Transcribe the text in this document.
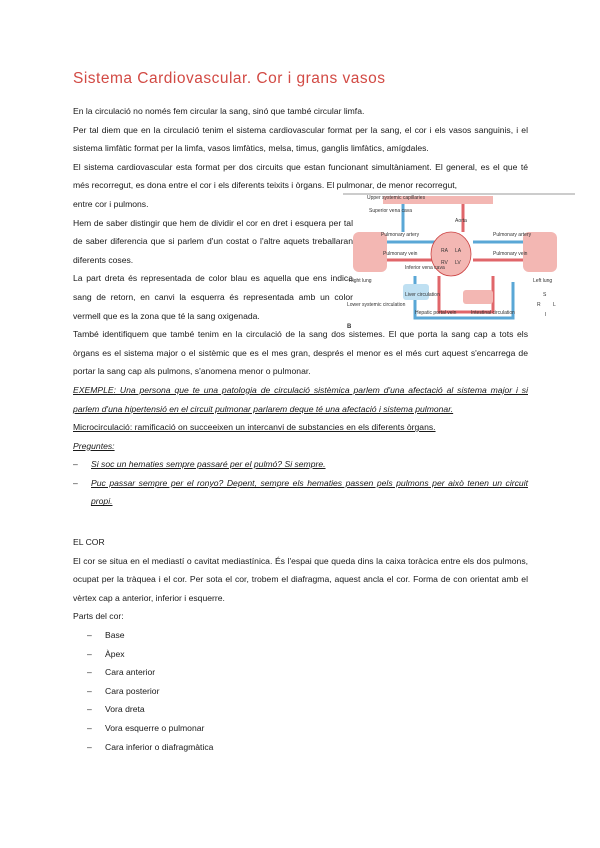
Sistema Cardiovascular. Cor i grans vasos

En la circulació no només fem circular la sang, sinó que també circular limfa.

Per tal diem que en la circulació tenim el sistema cardiovascular format per la sang, el cor i els vasos sanguinis, i el sistema limfàtic format per la limfa, vasos limfàtics, melsa, timus, ganglis limfàtics, amígdales.

El sistema cardiovascular esta format per dos circuits que estan funcionant simultàniament. El general, es el que té més recorregut, es dona entre el cor i els diferents teixits i òrgans. El pulmonar, de menor recorregut,

entre cor i pulmons.

Hem de saber distingir que hem de dividir el cor en dret i esquera per tal de saber diferencia que si parlem d'un costat o l'altre aquets treballaran diferents coses.

La part dreta és representada de color blau es aquella que ens indica sang de retorn, en canvi la esquerra és representada amb un color vermell que es la zona que té la sang oxigenada.

També identifiquem que també tenim en la circulació de la sang dos sistemes. El que porta la sang cap a tots els òrgans es el sistema major o el sistèmic que es el mes gran, després el menor es el més curt aquest s'encarrega de portar la sang cap als pulmons, s'anomena menor o pulmonar.

EXEMPLE: Una persona que te una patologia de circulació sistèmica parlem d'una afectació al sistema major i si parlem d'una hipertensió en el circuit pulmonar parlarem deque té una afectació i sistema pulmonar.

Microcirculació: ramificació on succeeixen un intercanvi de substancies en els diferents òrgans.

Preguntes:

–	Si soc un hematies sempre passaré per el pulmó? Si sempre.
–	Puc passar sempre per el ronyo? Depent, sempre els hematies passen pels pulmons per això tenen un circuit propi.

EL COR

El cor se situa en el mediastí o cavitat mediastínica. És l'espai que queda dins la caixa toràcica entre els dos pulmons, ocupat per la tràquea i el cor. Per sota el cor, trobem el diafragma, aquest ancla el cor. Forma de con orientat amb el vèrtex cap a anterior, inferior i esquerre.

Parts del cor:

–	Base
–	Àpex
–	Cara anterior
–	Cara posterior
–	Vora dreta
–	Vora esquerre o pulmonar
–	Cara inferior o diafragmàtica
Upper systemic capillaries
Superior vena cava
Aorta
Pulmonary artery	Pulmonary artery
Pulmonary vein	Pulmonary vein
Inferior vena cava
Right lung	Left lung
Liver circulation
Lower systemic circulation
Hepatic portal vein	Intestinal circulation
B
S
R L
I
RA LA
RV LV
